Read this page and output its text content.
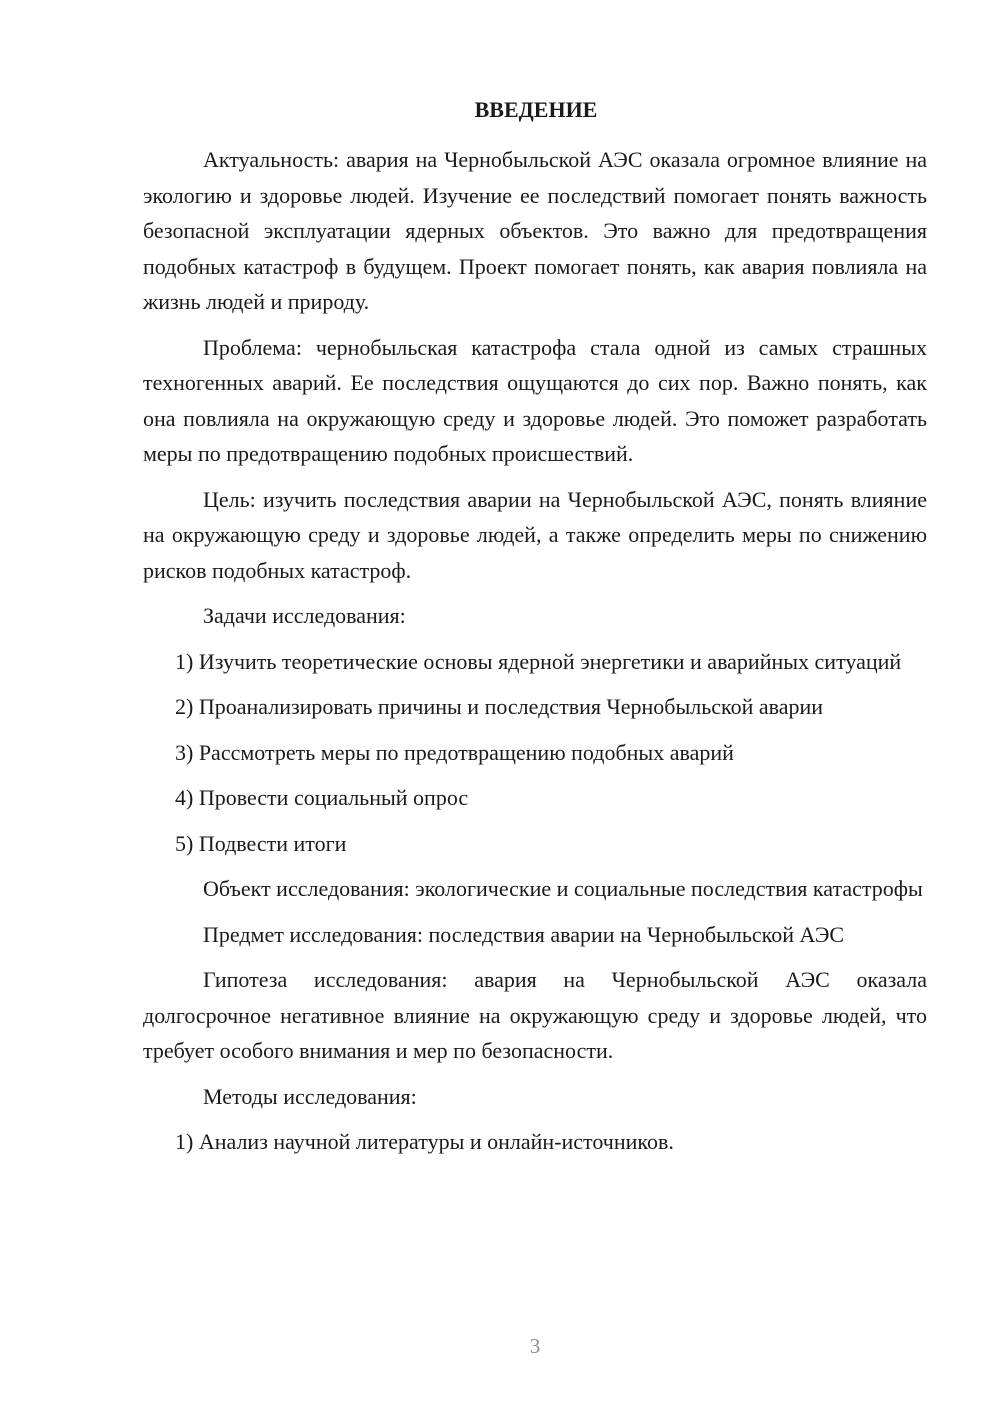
ВВЕДЕНИЕ

Актуальность: авария на Чернобыльской АЭС оказала огромное влияние на экологию и здоровье людей. Изучение ее последствий помогает понять важность безопасной эксплуатации ядерных объектов. Это важно для предотвращения подобных катастроф в будущем. Проект помогает понять, как авария повлияла на жизнь людей и природу.

Проблема: чернобыльская катастрофа стала одной из самых страшных техногенных аварий. Ее последствия ощущаются до сих пор. Важно понять, как она повлияла на окружающую среду и здоровье людей. Это поможет разработать меры по предотвращению подобных происшествий.

Цель: изучить последствия аварии на Чернобыльской АЭС, понять влияние на окружающую среду и здоровье людей, а также определить меры по снижению рисков подобных катастроф.

Задачи исследования:

1) Изучить теоретические основы ядерной энергетики и аварийных ситуаций

2) Проанализировать причины и последствия Чернобыльской аварии

3) Рассмотреть меры по предотвращению подобных аварий

4) Провести социальный опрос

5) Подвести итоги

Объект исследования: экологические и социальные последствия катастрофы

Предмет исследования: последствия аварии на Чернобыльской АЭС

Гипотеза исследования: авария на Чернобыльской АЭС оказала долгосрочное негативное влияние на окружающую среду и здоровье людей, что требует особого внимания и мер по безопасности.

Методы исследования:

1) Анализ научной литературы и онлайн-источников.

3
